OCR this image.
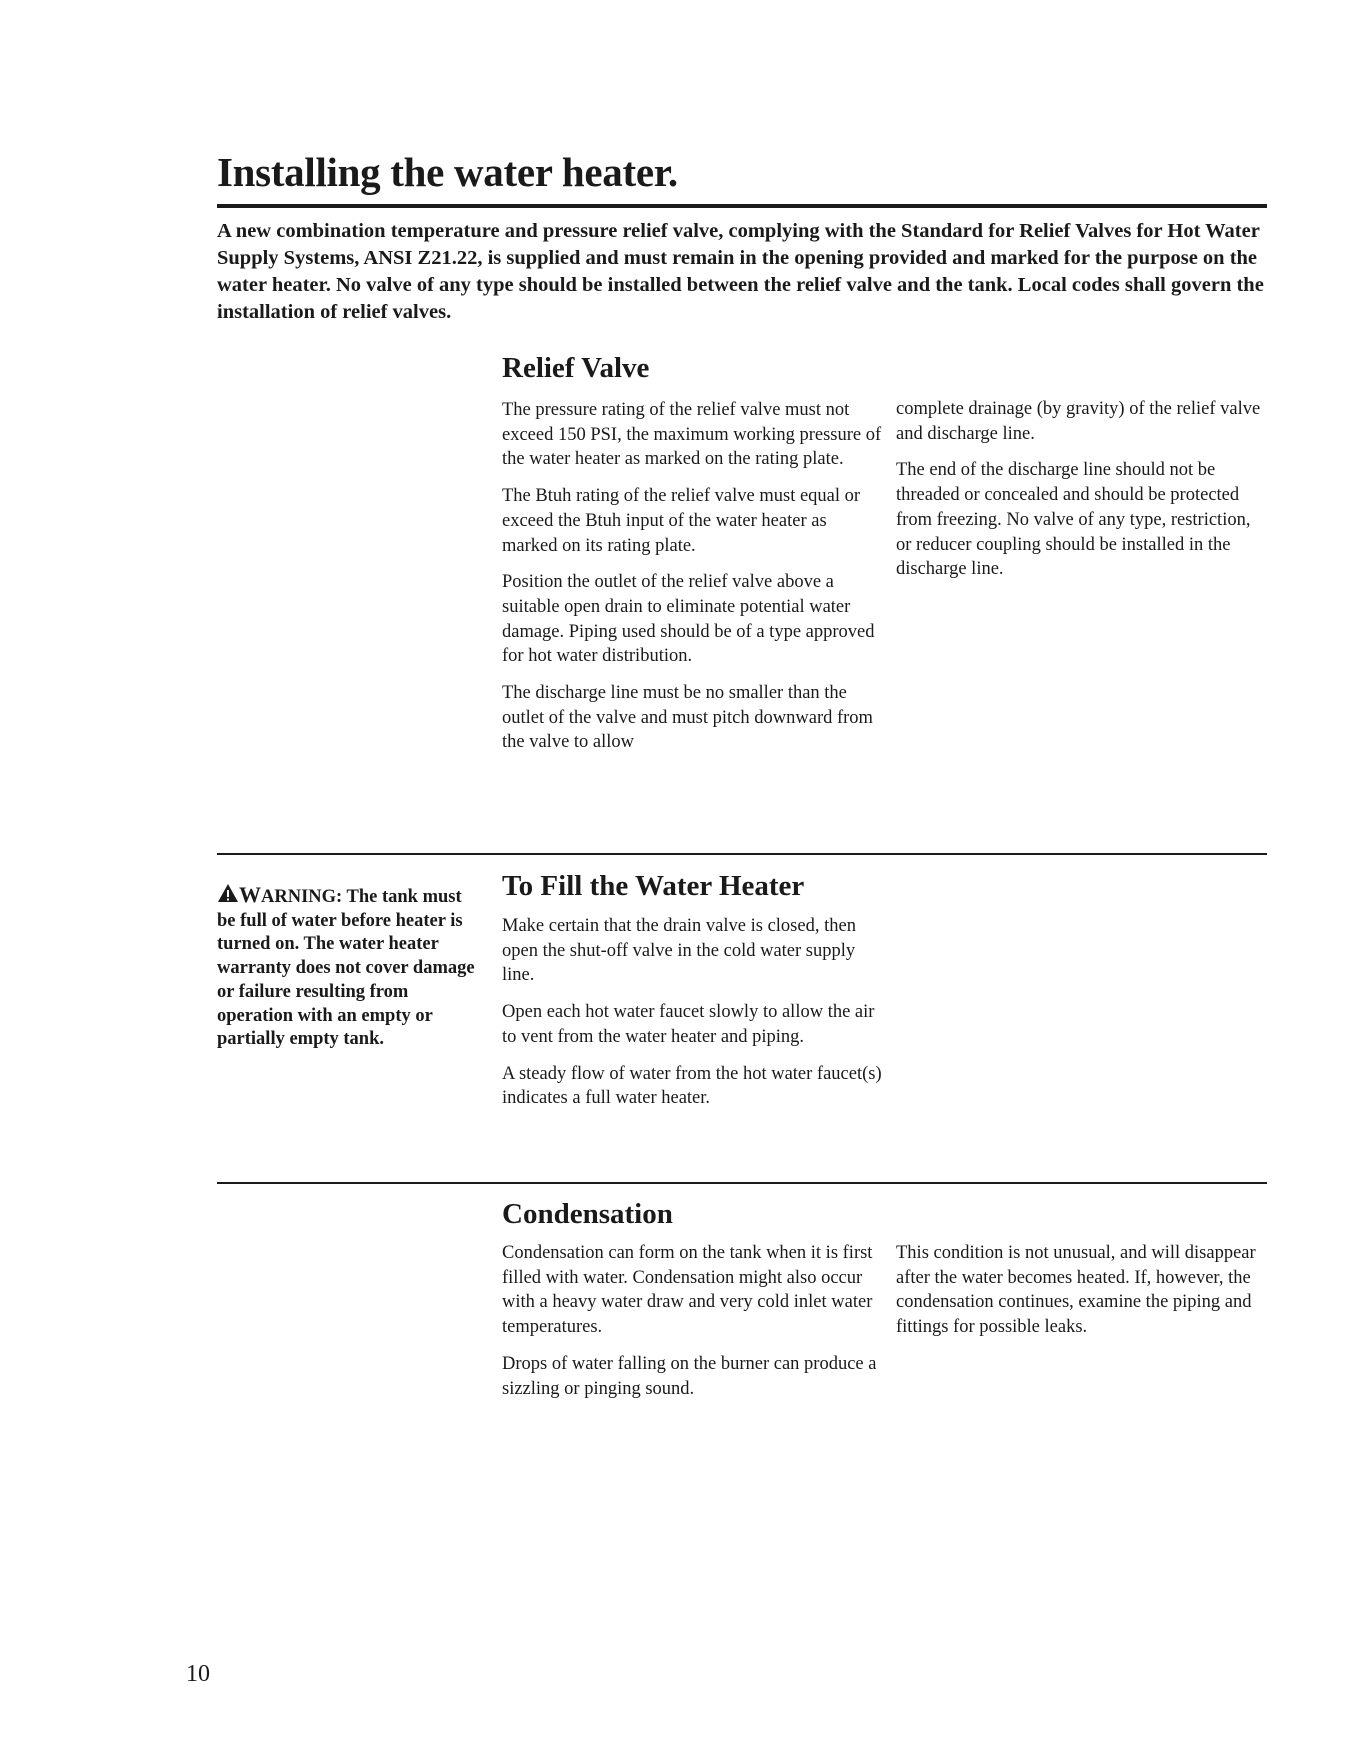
Installing the water heater.

A new combination temperature and pressure relief valve, complying with the Standard for Relief Valves for Hot Water Supply Systems, ANSI Z21.22, is supplied and must remain in the opening provided and marked for the purpose on the water heater. No valve of any type should be installed between the relief valve and the tank. Local codes shall govern the installation of relief valves.

Relief Valve

The pressure rating of the relief valve must not exceed 150 PSI, the maximum working pressure of the water heater as marked on the rating plate.

The Btuh rating of the relief valve must equal or exceed the Btuh input of the water heater as marked on its rating plate.

Position the outlet of the relief valve above a suitable open drain to eliminate potential water damage. Piping used should be of a type approved for hot water distribution.

The discharge line must be no smaller than the outlet of the valve and must pitch downward from the valve to allow

complete drainage (by gravity) of the relief valve and discharge line.

The end of the discharge line should not be threaded or concealed and should be protected from freezing. No valve of any type, restriction, or reducer coupling should be installed in the discharge line.

WARNING: The tank must be full of water before heater is turned on. The water heater warranty does not cover damage or failure resulting from operation with an empty or partially empty tank.

To Fill the Water Heater

Make certain that the drain valve is closed, then open the shut-off valve in the cold water supply line.

Open each hot water faucet slowly to allow the air to vent from the water heater and piping.

A steady flow of water from the hot water faucet(s) indicates a full water heater.

Condensation

Condensation can form on the tank when it is first filled with water. Condensation might also occur with a heavy water draw and very cold inlet water temperatures.

Drops of water falling on the burner can produce a sizzling or pinging sound.

This condition is not unusual, and will disappear after the water becomes heated. If, however, the condensation continues, examine the piping and fittings for possible leaks.

10
